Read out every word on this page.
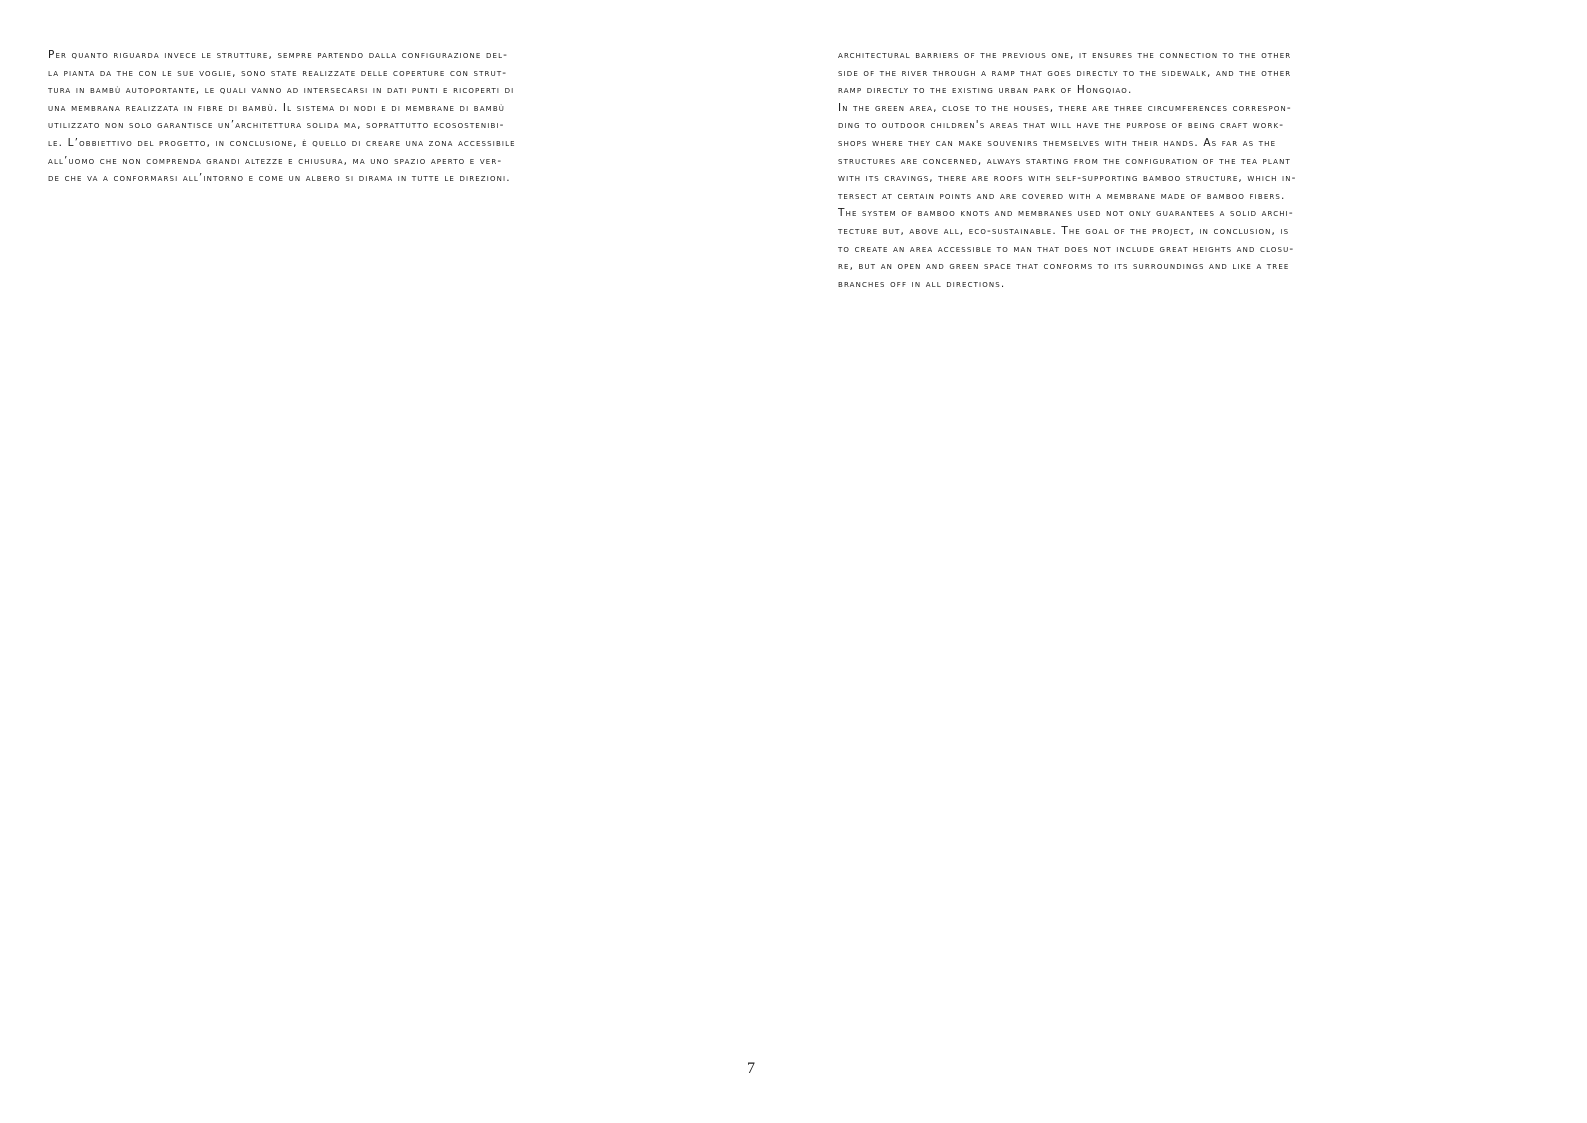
Per quanto riguarda invece le strutture, sempre partendo dalla configurazione del-
la pianta da the con le sue voglie, sono state realizzate delle coperture con strut-
tura in bambù autoportante, le quali vanno ad intersecarsi in dati punti e ricoperti di
una membrana realizzata in fibre di bambù. Il sistema di nodi e di membrane di bambù
utilizzato non solo garantisce un’architettura solida ma, soprattutto ecosostenibi-
le. L’obbiettivo del progetto, in conclusione, è quello di creare una zona accessibile
all’uomo che non comprenda grandi altezze e chiusura, ma uno spazio aperto e ver-
de che va a conformarsi all’intorno e come un albero si dirama in tutte le direzioni.
architectural barriers of the previous one, it ensures the connection to the other
side of the river through a ramp that goes directly to the sidewalk, and the other
ramp directly to the existing urban park of Hongqiao.
In the green area, close to the houses, there are three circumferences correspon-
ding to outdoor children's areas that will have the purpose of being craft work-
shops where they can make souvenirs themselves with their hands. As far as the
structures are concerned, always starting from the configuration of the tea plant
with its cravings, there are roofs with self-supporting bamboo structure, which in-
tersect at certain points and are covered with a membrane made of bamboo fibers.
The system of bamboo knots and membranes used not only guarantees a solid archi-
tecture but, above all, eco-sustainable. The goal of the project, in conclusion, is
to create an area accessible to man that does not include great heights and closu-
re, but an open and green space that conforms to its surroundings and like a tree
branches off in all directions.
7
